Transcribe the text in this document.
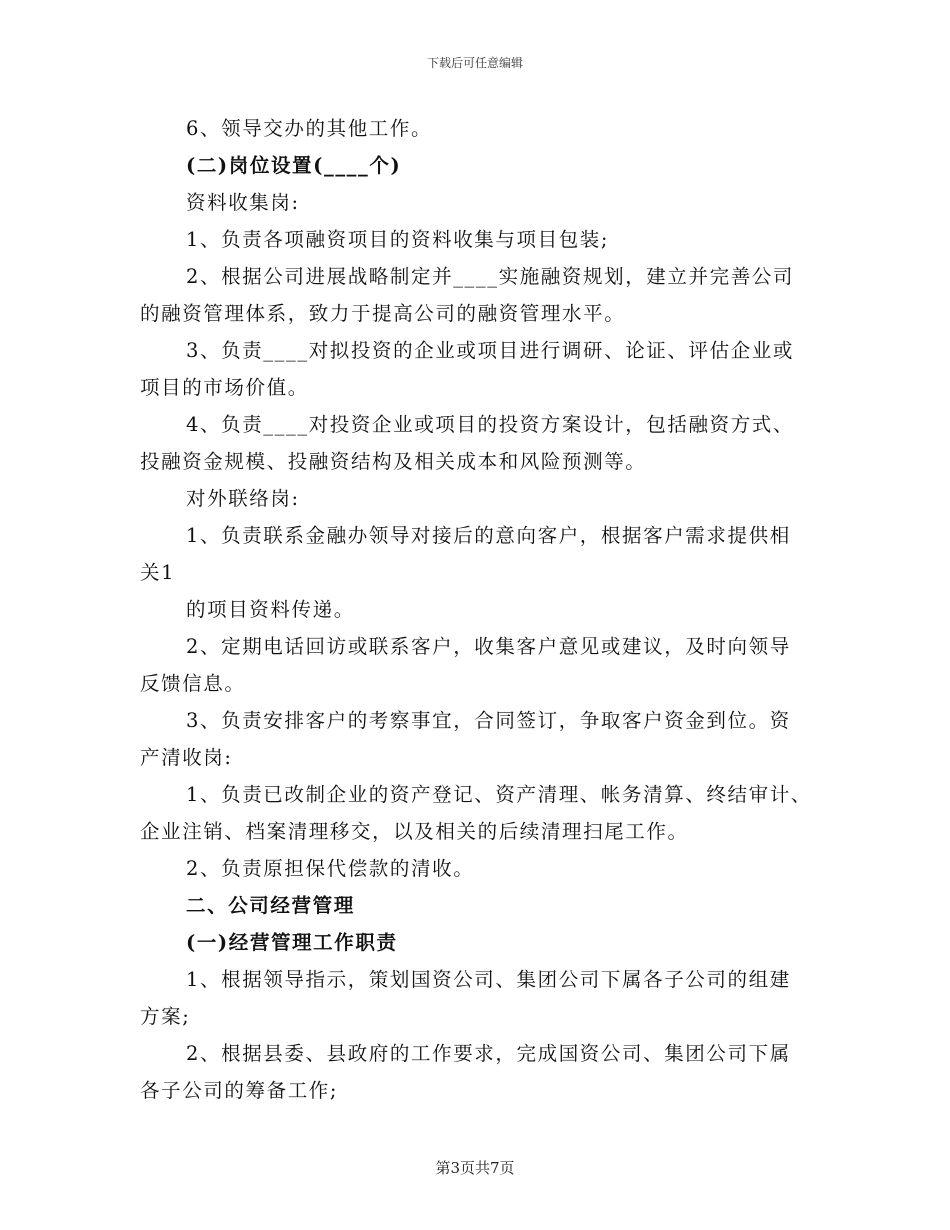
下载后可任意编辑

6、领导交办的其他工作。

(二)岗位设置(____个)

资料收集岗:

1、负责各项融资项目的资料收集与项目包装;

2、根据公司进展战略制定并____实施融资规划，建立并完善公司

的融资管理体系，致力于提高公司的融资管理水平。

3、负责____对拟投资的企业或项目进行调研、论证、评估企业或

项目的市场价值。

4、负责____对投资企业或项目的投资方案设计，包括融资方式、

投融资金规模、投融资结构及相关成本和风险预测等。

对外联络岗:

1、负责联系金融办领导对接后的意向客户，根据客户需求提供相

关1

的项目资料传递。

2、定期电话回访或联系客户，收集客户意见或建议，及时向领导

反馈信息。

3、负责安排客户的考察事宜，合同签订，争取客户资金到位。资

产清收岗:

1、负责已改制企业的资产登记、资产清理、帐务清算、终结审计、

企业注销、档案清理移交，以及相关的后续清理扫尾工作。

2、负责原担保代偿款的清收。

二、公司经营管理

(一)经营管理工作职责

1、根据领导指示，策划国资公司、集团公司下属各子公司的组建

方案;

2、根据县委、县政府的工作要求，完成国资公司、集团公司下属

各子公司的筹备工作;

第3页共7页
